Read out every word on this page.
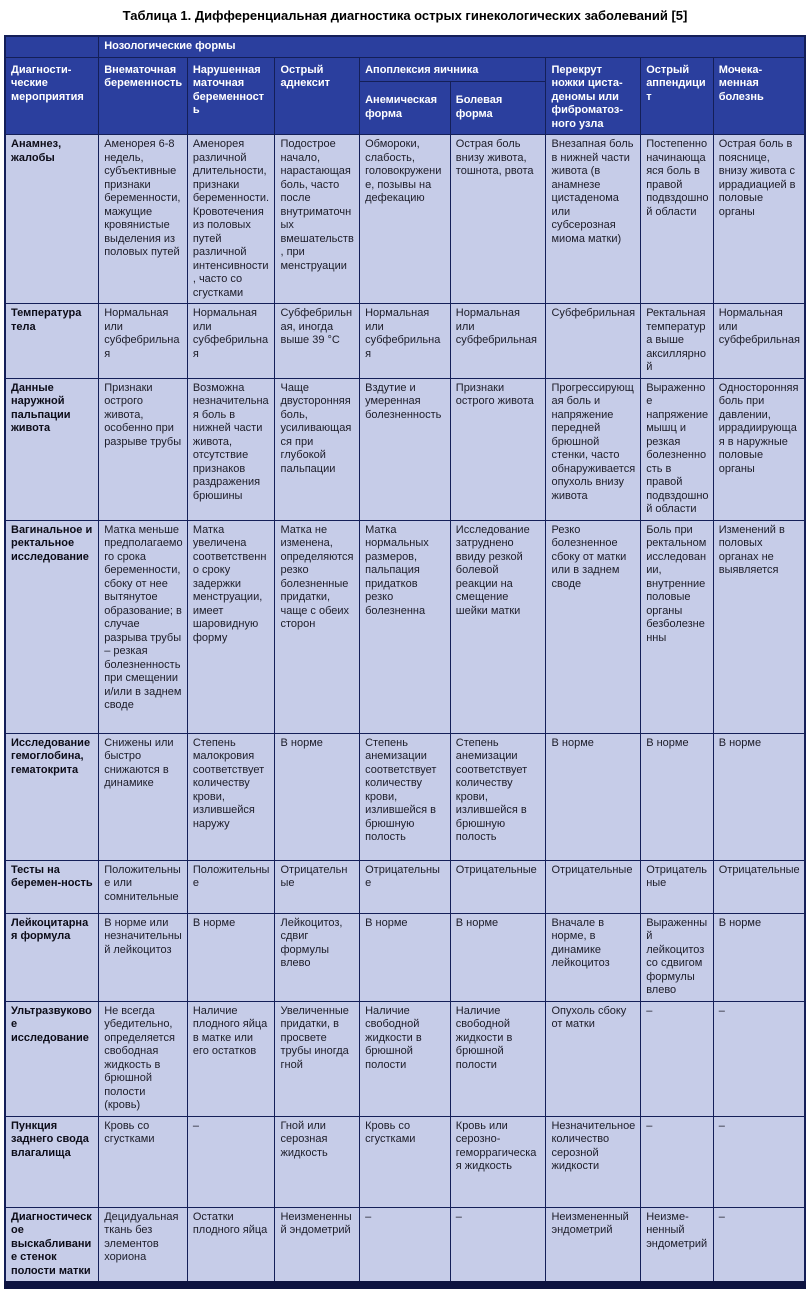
Таблица 1. Дифференциальная диагностика острых гинекологических заболеваний [5]
	Нозологические формы							
Диагности-ческие мероприятия	Внематочная беременность	Нарушенная маточная беременность	Острый аднексит	Апоплексия яичника		Перекрут ножки циста-деномы или фиброматоз-ного узла	Острый аппендицит	Мочека-менная болезнь
				Анемическая форма	Болевая форма			
Анамнез, жалобы	Аменорея 6-8 недель, субъективные признаки беременности, мажущие кровянистые выделения из половых путей	Аменорея различной длительности, признаки беременности. Кровотечения из половых путей различной интенсивности, часто со сгустками	Подострое начало, нарастающая боль, часто после внутриматочных вмешательств, при менструации	Обмороки, слабость, головокружение, позывы на дефекацию	Острая боль внизу живота, тошнота, рвота	Внезапная боль в нижней части живота (в анамнезе цистаденома или субсерозная миома матки)	Постепенно начинающаяся боль в правой подвздошной области	Острая боль в пояснице, внизу живота с иррадиацией в половые органы
Температура тела	Нормальная или субфебрильная	Нормальная или субфебрильная	Субфебрильная, иногда выше 39 °С	Нормальная или субфебрильная	Нормальная или субфебрильная	Субфебрильная	Ректальная температура выше аксиллярной	Нормальная или субфебрильная
Данные наружной пальпации живота	Признаки острого живота, особенно при разрыве трубы	Возможна незначительная боль в нижней части живота, отсутствие признаков раздражения брюшины	Чаще двусторонняя боль, усиливающаяся при глубокой пальпации	Вздутие и умеренная болезненность	Признаки острого живота	Прогрессирующая боль и напряжение передней брюшной стенки, часто обнаруживается опухоль внизу живота	Выраженное напряжение мышц и резкая болезненность в правой подвздошной области	Односторонняя боль при давлении, иррадиирующая в наружные половые органы
Вагинальное и ректальное исследование	Матка меньше предполагаемого срока беременности, сбоку от нее вытянутое образование; в случае разрыва трубы – резкая болезненность при смещении и/или в заднем своде	Матка увеличена соответственно сроку задержки менструации, имеет шаровидную форму	Матка не изменена, определяются резко болезненные придатки, чаще с обеих сторон	Матка нормальных размеров, пальпация придатков резко болезненна	Исследование затруднено ввиду резкой болевой реакции на смещение шейки матки	Резко болезненное сбоку от матки или в заднем своде	Боль при ректальном исследовании, внутренние половые органы безболезненны	Изменений в половых органах не выявляется
Исследование гемоглобина, гематокрита	Снижены или быстро снижаются в динамике	Степень малокровия соответствует количеству крови, излившейся наружу	В норме	Степень анемизации соответствует количеству крови, излившейся в брюшную полость	Степень анемизации соответствует количеству крови, излившейся в брюшную полость	В норме	В норме	В норме
Тесты на беремен-ность	Положительные или сомнительные	Положительные	Отрицательные	Отрицательные	Отрицательные	Отрицательные	Отрицательные	Отрицательные
Лейкоцитарная формула	В норме или незначительный лейкоцитоз	В норме	Лейкоцитоз, сдвиг формулы влево	В норме	В норме	Вначале в норме, в динамике лейкоцитоз	Выраженный лейкоцитоз со сдвигом формулы влево	В норме
Ультразвуковое исследование	Не всегда убедительно, определяется свободная жидкость в брюшной полости (кровь)	Наличие плодного яйца в матке или его остатков	Увеличенные придатки, в просвете трубы иногда гной	Наличие свободной жидкости в брюшной полости	Наличие свободной жидкости в брюшной полости	Опухоль сбоку от матки	–	–
Пункция заднего свода влагалища	Кровь со сгустками	–	Гной или серозная жидкость	Кровь со сгустками	Кровь или серозно-геморрагическая жидкость	Незначительное количество серозной жидкости	–	–
Диагностическое выскабливание стенок полости матки	Децидуальная ткань без элементов хориона	Остатки плодного яйца	Неизмененный эндометрий	–	–	Неизмененный эндометрий	Неизме-ненный эндометрий	–
